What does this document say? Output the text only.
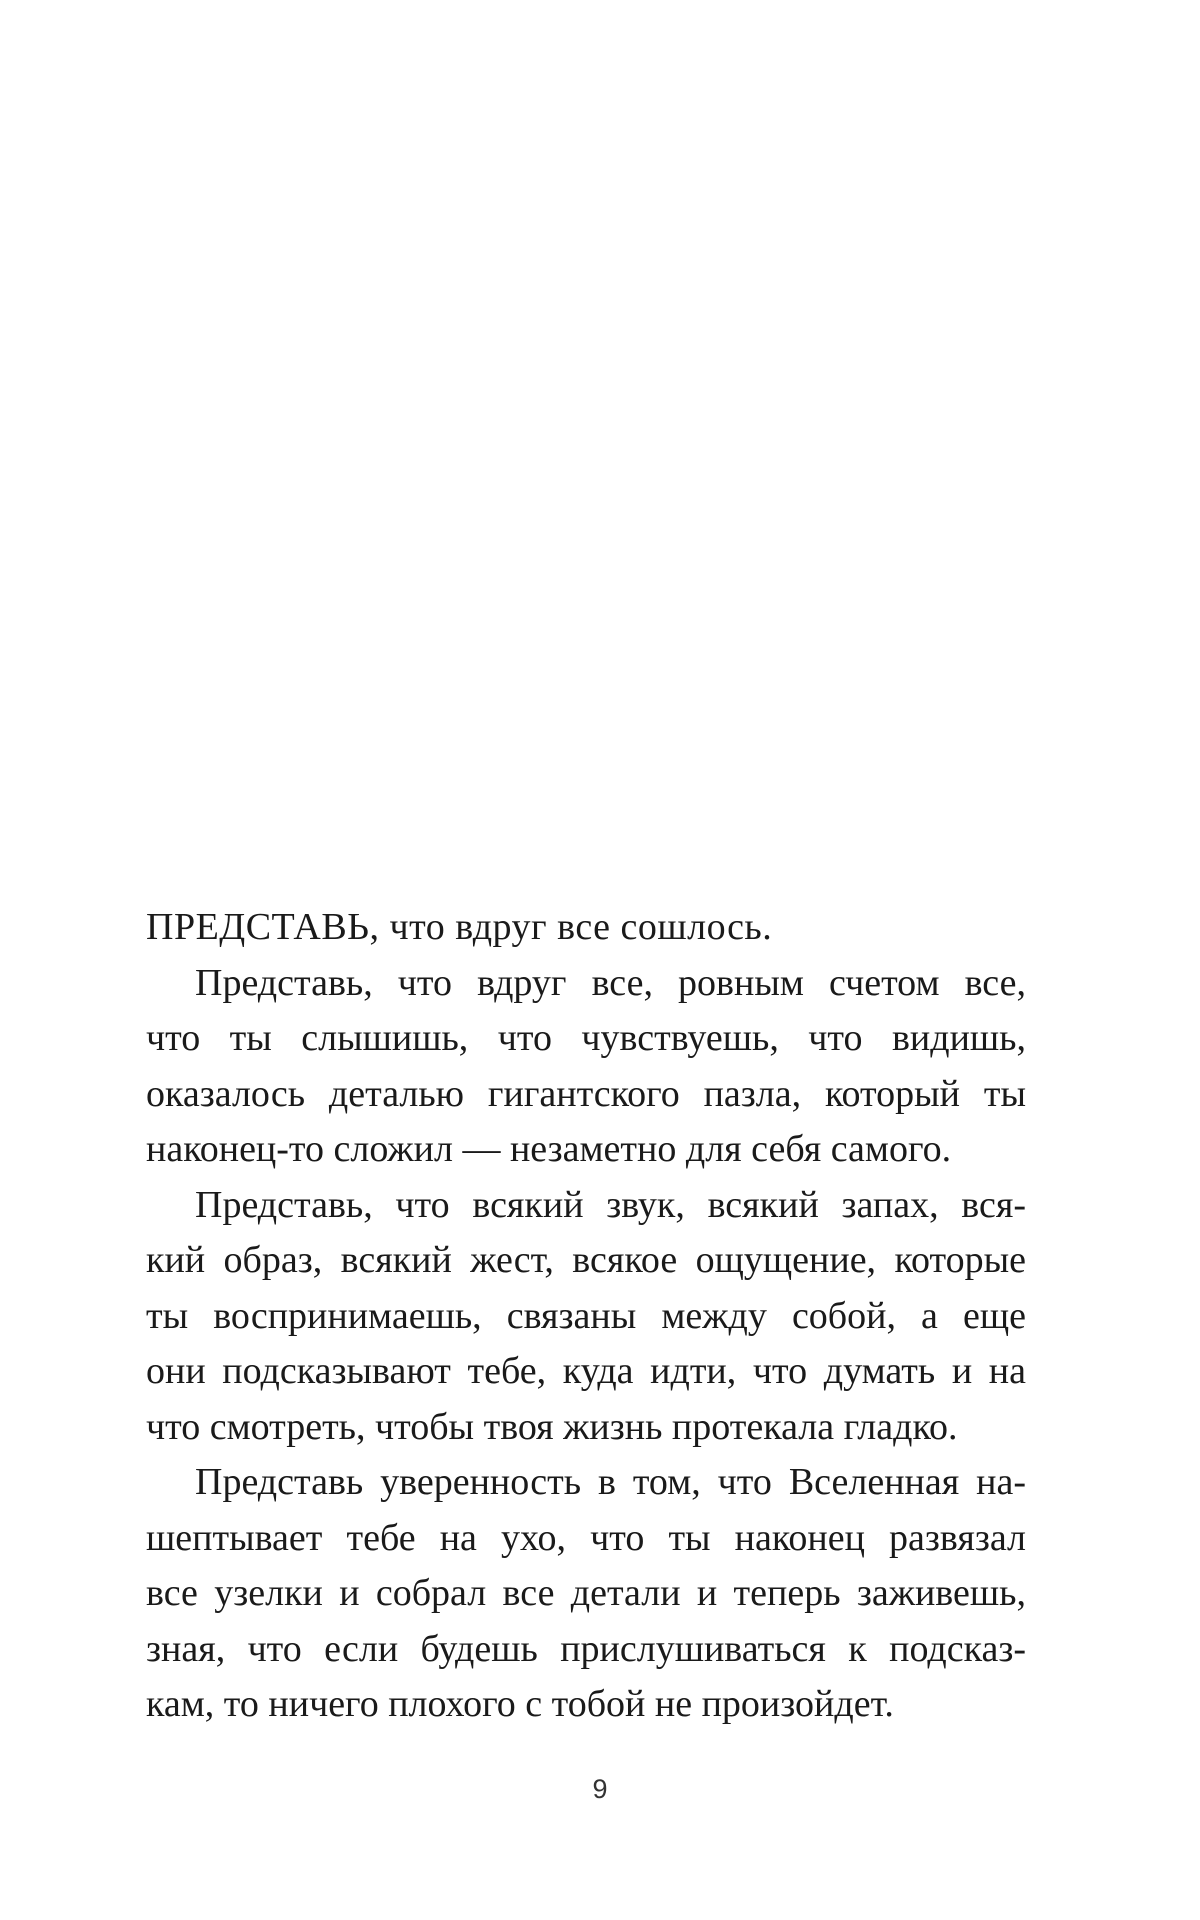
ПРЕДСТАВЬ, что вдруг все сошлось.
Представь, что вдруг все, ровным счетом все,
что ты слышишь, что чувствуешь, что видишь,
оказалось деталью гигантского пазла, который ты
наконец-то сложил — незаметно для себя самого.
Представь, что всякий звук, всякий запах, вся-
кий образ, всякий жест, всякое ощущение, которые
ты воспринимаешь, связаны между собой, а еще
они подсказывают тебе, куда идти, что думать и на
что смотреть, чтобы твоя жизнь протекала гладко.
Представь уверенность в том, что Вселенная на-
шептывает тебе на ухо, что ты наконец развязал
все узелки и собрал все детали и теперь заживешь,
зная, что если будешь прислушиваться к подсказ-
кам, то ничего плохого с тобой не произойдет.
9
